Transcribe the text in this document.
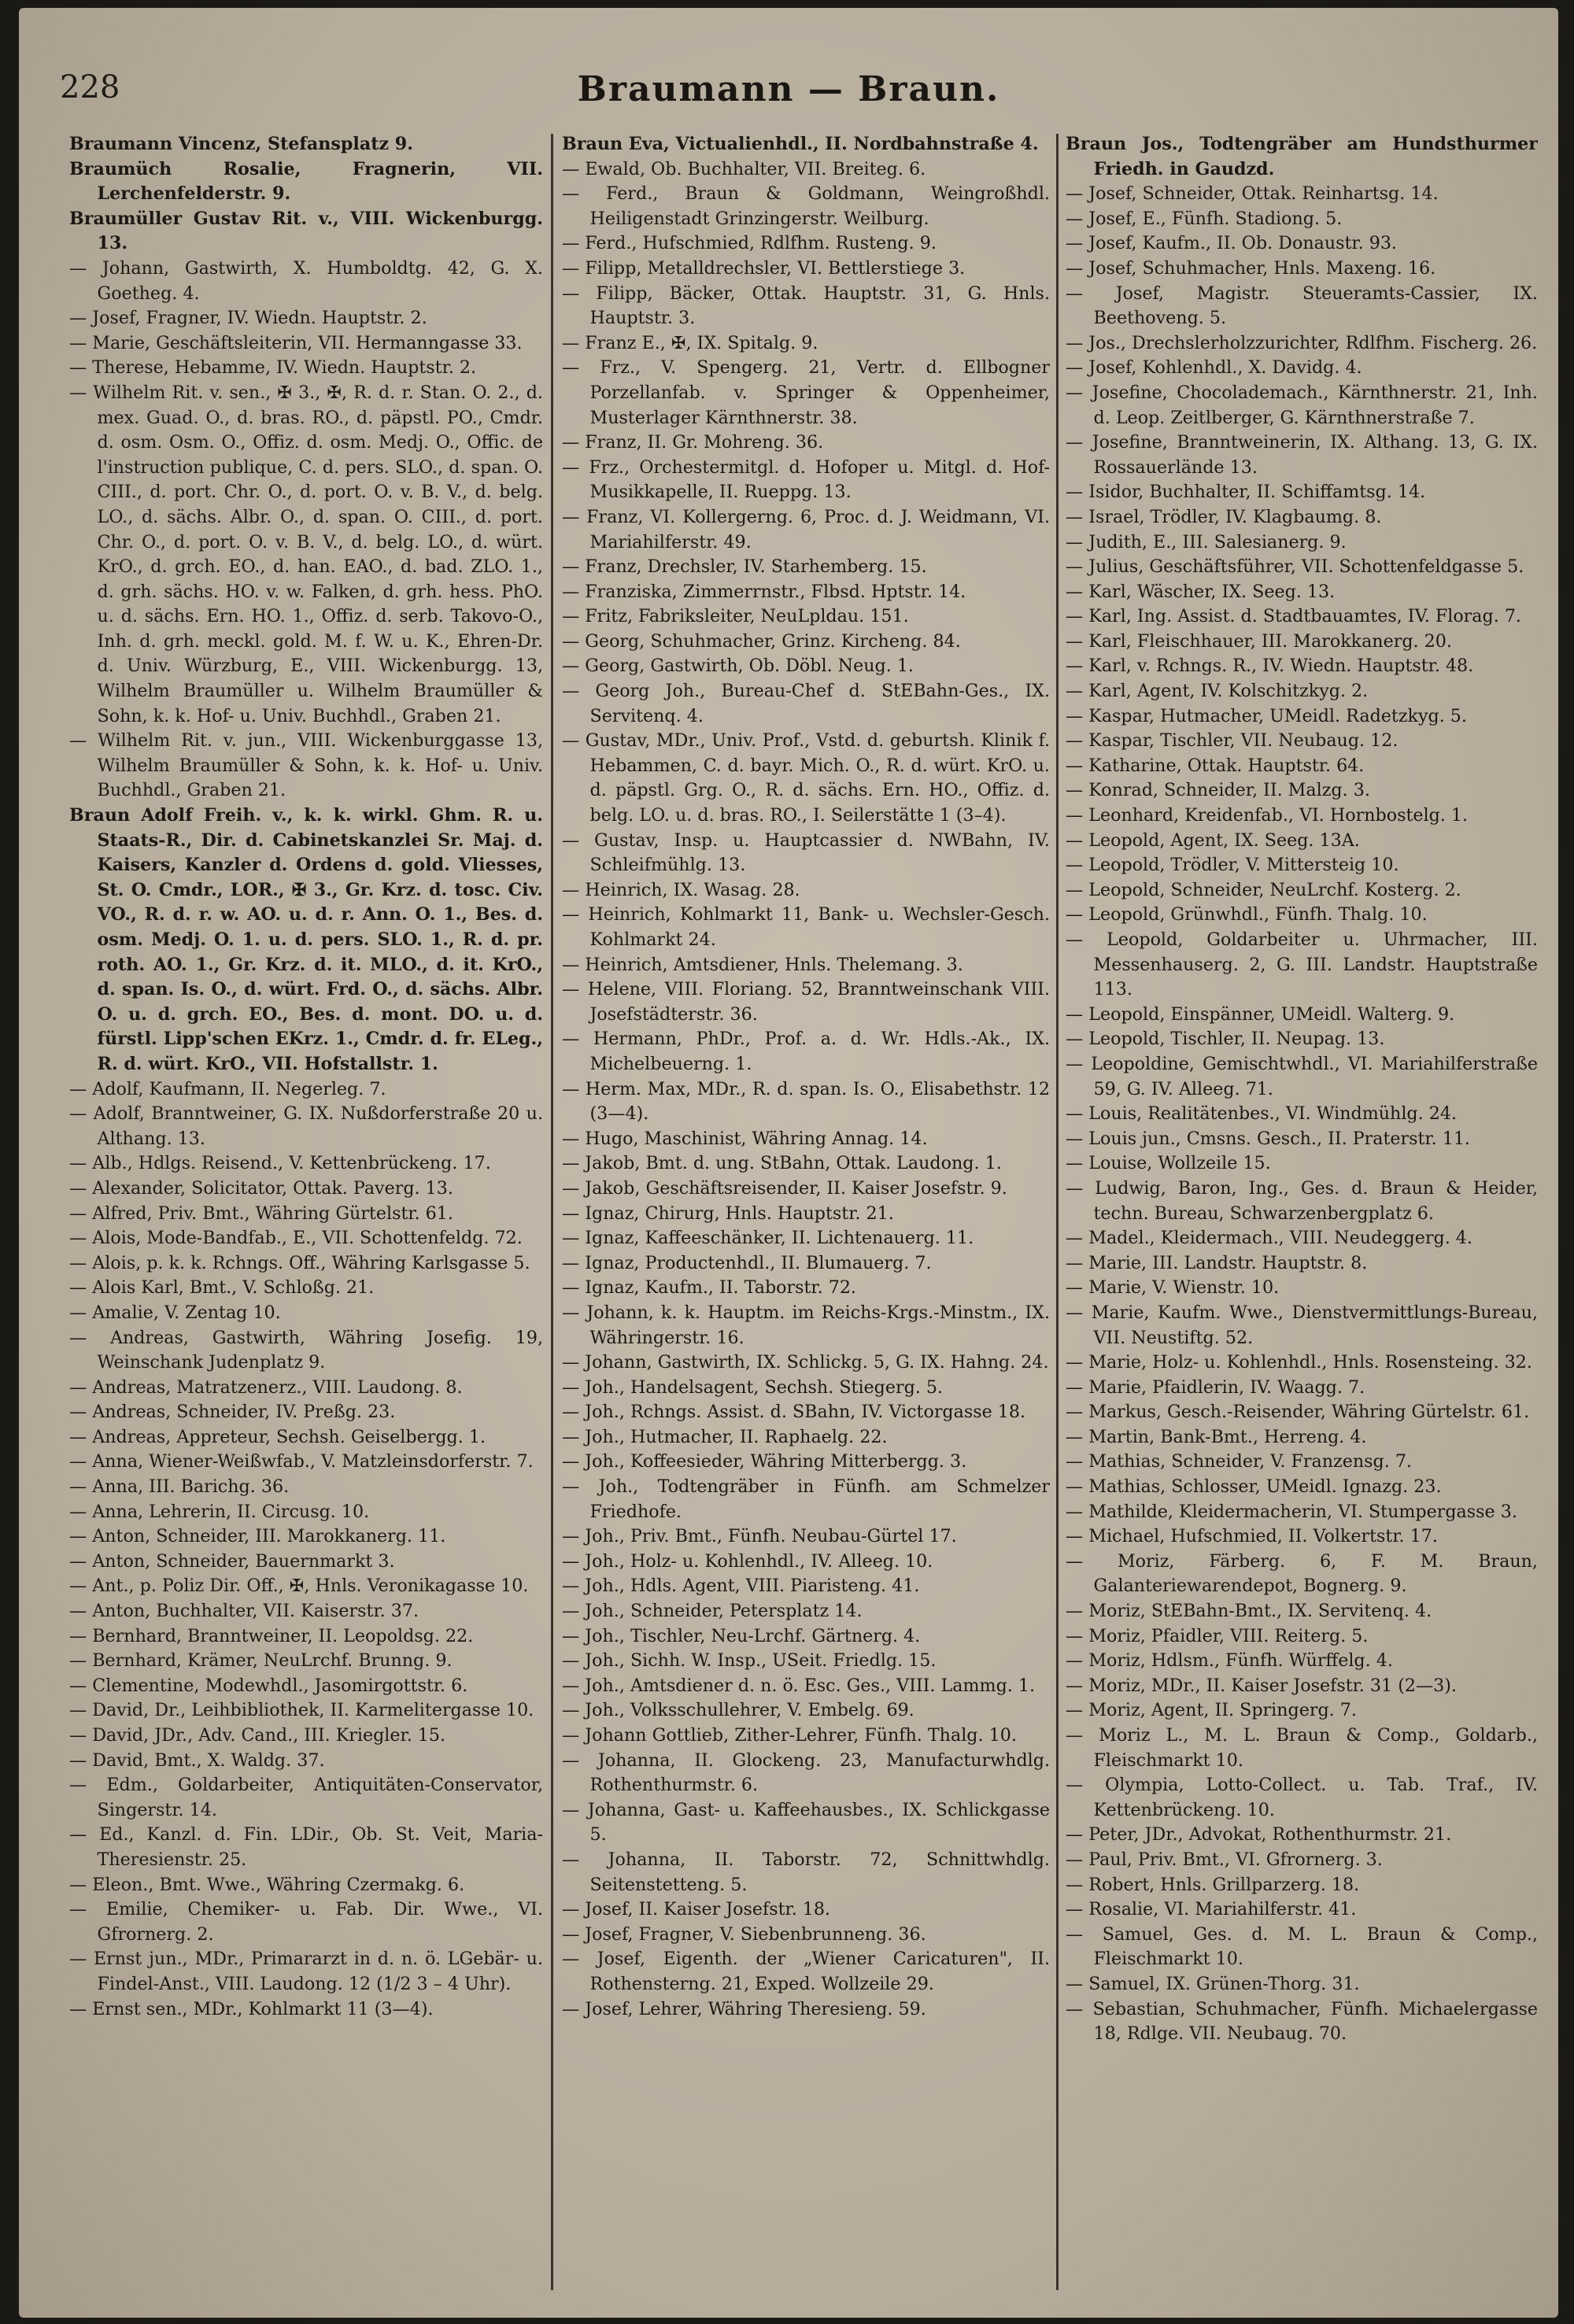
228	Braumann — Braun.

Braumann Vincenz, Stefansplatz 9.

Braumüch Rosalie, Fragnerin, VII. Lerchenfelderstr. 9.

Braumüller Gustav Rit. v., VIII. Wickenburgg. 13.

— Johann, Gastwirth, X. Humboldtg. 42, G. X. Goetheg. 4.

— Josef, Fragner, IV. Wiedn. Hauptstr. 2.

— Marie, Geschäftsleiterin, VII. Hermanngasse 33.

— Therese, Hebamme, IV. Wiedn. Hauptstr. 2.

— Wilhelm Rit. v. sen., ✠ 3., ✠, R. d. r. Stan. O. 2., d. mex. Guad. O., d. bras. RO., d. päpstl. PO., Cmdr. d. osm. Osm. O., Offiz. d. osm. Medj. O., Offic. de l'instruction publique, C. d. pers. SLO., d. span. O. CIII., d. port. Chr. O., d. port. O. v. B. V., d. belg. LO., d. sächs. Albr. O., d. span. O. CIII., d. port. Chr. O., d. port. O. v. B. V., d. belg. LO., d. würt. KrO., d. grch. EO., d. han. EAO., d. bad. ZLO. 1., d. grh. sächs. HO. v. w. Falken, d. grh. hess. PhO. u. d. sächs. Ern. HO. 1., Offiz. d. serb. Takovo-O., Inh. d. grh. meckl. gold. M. f. W. u. K., Ehren-Dr. d. Univ. Würzburg, E., VIII. Wickenburgg. 13, Wilhelm Braumüller u. Wilhelm Braumüller & Sohn, k. k. Hof- u. Univ. Buchhdl., Graben 21.

— Wilhelm Rit. v. jun., VIII. Wickenburggasse 13, Wilhelm Braumüller & Sohn, k. k. Hof- u. Univ. Buchhdl., Graben 21.

Braun Adolf Freih. v., k. k. wirkl. Ghm. R. u. Staats-R., Dir. d. Cabinetskanzlei Sr. Maj. d. Kaisers, Kanzler d. Ordens d. gold. Vliesses, St. O. Cmdr., LOR., ✠ 3., Gr. Krz. d. tosc. Civ. VO., R. d. r. w. AO. u. d. r. Ann. O. 1., Bes. d. osm. Medj. O. 1. u. d. pers. SLO. 1., R. d. pr. roth. AO. 1., Gr. Krz. d. it. MLO., d. it. KrO., d. span. Is. O., d. würt. Frd. O., d. sächs. Albr. O. u. d. grch. EO., Bes. d. mont. DO. u. d. fürstl. Lipp'schen EKrz. 1., Cmdr. d. fr. ELeg., R. d. würt. KrO., VII. Hofstallstr. 1.

— Adolf, Kaufmann, II. Negerleg. 7.

— Adolf, Branntweiner, G. IX. Nußdorferstraße 20 u. Althang. 13.

— Alb., Hdlgs. Reisend., V. Kettenbrückeng. 17.

— Alexander, Solicitator, Ottak. Paverg. 13.

— Alfred, Priv. Bmt., Währing Gürtelstr. 61.

— Alois, Mode-Bandfab., E., VII. Schottenfeldg. 72.

— Alois, p. k. k. Rchngs. Off., Währing Karlsgasse 5.

— Alois Karl, Bmt., V. Schloßg. 21.

— Amalie, V. Zentag 10.

— Andreas, Gastwirth, Währing Josefig. 19, Weinschank Judenplatz 9.

— Andreas, Matratzenerz., VIII. Laudong. 8.

— Andreas, Schneider, IV. Preßg. 23.

— Andreas, Appreteur, Sechsh. Geiselbergg. 1.

— Anna, Wiener-Weißwfab., V. Matzleinsdorferstr. 7.

— Anna, III. Barichg. 36.

— Anna, Lehrerin, II. Circusg. 10.

— Anton, Schneider, III. Marokkanerg. 11.

— Anton, Schneider, Bauernmarkt 3.

— Ant., p. Poliz Dir. Off., ✠, Hnls. Veronikagasse 10.

— Anton, Buchhalter, VII. Kaiserstr. 37.

— Bernhard, Branntweiner, II. Leopoldsg. 22.

— Bernhard, Krämer, NeuLrchf. Brunng. 9.

— Clementine, Modewhdl., Jasomirgottstr. 6.

— David, Dr., Leihbibliothek, II. Karmelitergasse 10.

— David, JDr., Adv. Cand., III. Kriegler. 15.

— David, Bmt., X. Waldg. 37.

— Edm., Goldarbeiter, Antiquitäten-Conservator, Singerstr. 14.

— Ed., Kanzl. d. Fin. LDir., Ob. St. Veit, Maria-Theresienstr. 25.

— Eleon., Bmt. Wwe., Währing Czermakg. 6.

— Emilie, Chemiker- u. Fab. Dir. Wwe., VI. Gfrornerg. 2.

— Ernst jun., MDr., Primararzt in d. n. ö. LGebär- u. Findel-Anst., VIII. Laudong. 12 (1/2 3 – 4 Uhr).

— Ernst sen., MDr., Kohlmarkt 11 (3—4).

Braun Eva, Victualienhdl., II. Nordbahnstraße 4.

— Ewald, Ob. Buchhalter, VII. Breiteg. 6.

— Ferd., Braun & Goldmann, Weingroßhdl. Heiligenstadt Grinzingerstr. Weilburg.

— Ferd., Hufschmied, Rdlfhm. Rusteng. 9.

— Filipp, Metalldrechsler, VI. Bettlerstiege 3.

— Filipp, Bäcker, Ottak. Hauptstr. 31, G. Hnls. Hauptstr. 3.

— Franz E., ✠, IX. Spitalg. 9.

— Frz., V. Spengerg. 21, Vertr. d. Ellbogner Porzellanfab. v. Springer & Oppenheimer, Musterlager Kärnthnerstr. 38.

— Franz, II. Gr. Mohreng. 36.

— Frz., Orchestermitgl. d. Hofoper u. Mitgl. d. Hof-Musikkapelle, II. Rueppg. 13.

— Franz, VI. Kollergerng. 6, Proc. d. J. Weidmann, VI. Mariahilferstr. 49.

— Franz, Drechsler, IV. Starhemberg. 15.

— Franziska, Zimmerrnstr., Flbsd. Hptstr. 14.

— Fritz, Fabriksleiter, NeuLpldau. 151.

— Georg, Schuhmacher, Grinz. Kircheng. 84.

— Georg, Gastwirth, Ob. Döbl. Neug. 1.

— Georg Joh., Bureau-Chef d. StEBahn-Ges., IX. Servitenq. 4.

— Gustav, MDr., Univ. Prof., Vstd. d. geburtsh. Klinik f. Hebammen, C. d. bayr. Mich. O., R. d. würt. KrO. u. d. päpstl. Grg. O., R. d. sächs. Ern. HO., Offiz. d. belg. LO. u. d. bras. RO., I. Seilerstätte 1 (3–4).

— Gustav, Insp. u. Hauptcassier d. NWBahn, IV. Schleifmühlg. 13.

— Heinrich, IX. Wasag. 28.

— Heinrich, Kohlmarkt 11, Bank- u. Wechsler-Gesch. Kohlmarkt 24.

— Heinrich, Amtsdiener, Hnls. Thelemang. 3.

— Helene, VIII. Floriang. 52, Branntweinschank VIII. Josefstädterstr. 36.

— Hermann, PhDr., Prof. a. d. Wr. Hdls.-Ak., IX. Michelbeuerng. 1.

— Herm. Max, MDr., R. d. span. Is. O., Elisabethstr. 12 (3—4).

— Hugo, Maschinist, Währing Annag. 14.

— Jakob, Bmt. d. ung. StBahn, Ottak. Laudong. 1.

— Jakob, Geschäftsreisender, II. Kaiser Josefstr. 9.

— Ignaz, Chirurg, Hnls. Hauptstr. 21.

— Ignaz, Kaffeeschänker, II. Lichtenauerg. 11.

— Ignaz, Productenhdl., II. Blumauerg. 7.

— Ignaz, Kaufm., II. Taborstr. 72.

— Johann, k. k. Hauptm. im Reichs-Krgs.-Minstm., IX. Währingerstr. 16.

— Johann, Gastwirth, IX. Schlickg. 5, G. IX. Hahng. 24.

— Joh., Handelsagent, Sechsh. Stiegerg. 5.

— Joh., Rchngs. Assist. d. SBahn, IV. Victorgasse 18.

— Joh., Hutmacher, II. Raphaelg. 22.

— Joh., Koffeesieder, Währing Mitterbergg. 3.

— Joh., Todtengräber in Fünfh. am Schmelzer Friedhofe.

— Joh., Priv. Bmt., Fünfh. Neubau-Gürtel 17.

— Joh., Holz- u. Kohlenhdl., IV. Alleeg. 10.

— Joh., Hdls. Agent, VIII. Piaristeng. 41.

— Joh., Schneider, Petersplatz 14.

— Joh., Tischler, Neu-Lrchf. Gärtnerg. 4.

— Joh., Sichh. W. Insp., USeit. Friedlg. 15.

— Joh., Amtsdiener d. n. ö. Esc. Ges., VIII. Lammg. 1.

— Joh., Volksschullehrer, V. Embelg. 69.

— Johann Gottlieb, Zither-Lehrer, Fünfh. Thalg. 10.

— Johanna, II. Glockeng. 23, Manufacturwhdlg. Rothenthurmstr. 6.

— Johanna, Gast- u. Kaffeehausbes., IX. Schlickgasse 5.

— Johanna, II. Taborstr. 72, Schnittwhdlg. Seitenstetteng. 5.

— Josef, II. Kaiser Josefstr. 18.

— Josef, Fragner, V. Siebenbrunneng. 36.

— Josef, Eigenth. der „Wiener Caricaturen", II. Rothensterng. 21, Exped. Wollzeile 29.

— Josef, Lehrer, Währing Theresieng. 59.

Braun Jos., Todtengräber am Hundsthurmer Friedh. in Gaudzd.

— Josef, Schneider, Ottak. Reinhartsg. 14.

— Josef, E., Fünfh. Stadiong. 5.

— Josef, Kaufm., II. Ob. Donaustr. 93.

— Josef, Schuhmacher, Hnls. Maxeng. 16.

— Josef, Magistr. Steueramts-Cassier, IX. Beethoveng. 5.

— Jos., Drechslerholzzurichter, Rdlfhm. Fischerg. 26.

— Josef, Kohlenhdl., X. Davidg. 4.

— Josefine, Chocolademach., Kärnthnerstr. 21, Inh. d. Leop. Zeitlberger, G. Kärnthnerstraße 7.

— Josefine, Branntweinerin, IX. Althang. 13, G. IX. Rossauerlände 13.

— Isidor, Buchhalter, II. Schiffamtsg. 14.

— Israel, Trödler, IV. Klagbaumg. 8.

— Judith, E., III. Salesianerg. 9.

— Julius, Geschäftsführer, VII. Schottenfeldgasse 5.

— Karl, Wäscher, IX. Seeg. 13.

— Karl, Ing. Assist. d. Stadtbauamtes, IV. Florag. 7.

— Karl, Fleischhauer, III. Marokkanerg. 20.

— Karl, v. Rchngs. R., IV. Wiedn. Hauptstr. 48.

— Karl, Agent, IV. Kolschitzkyg. 2.

— Kaspar, Hutmacher, UMeidl. Radetzkyg. 5.

— Kaspar, Tischler, VII. Neubaug. 12.

— Katharine, Ottak. Hauptstr. 64.

— Konrad, Schneider, II. Malzg. 3.

— Leonhard, Kreidenfab., VI. Hornbostelg. 1.

— Leopold, Agent, IX. Seeg. 13A.

— Leopold, Trödler, V. Mittersteig 10.

— Leopold, Schneider, NeuLrchf. Kosterg. 2.

— Leopold, Grünwhdl., Fünfh. Thalg. 10.

— Leopold, Goldarbeiter u. Uhrmacher, III. Messenhauserg. 2, G. III. Landstr. Hauptstraße 113.

— Leopold, Einspänner, UMeidl. Walterg. 9.

— Leopold, Tischler, II. Neupag. 13.

— Leopoldine, Gemischtwhdl., VI. Mariahilferstraße 59, G. IV. Alleeg. 71.

— Louis, Realitätenbes., VI. Windmühlg. 24.

— Louis jun., Cmsns. Gesch., II. Praterstr. 11.

— Louise, Wollzeile 15.

— Ludwig, Baron, Ing., Ges. d. Braun & Heider, techn. Bureau, Schwarzenbergplatz 6.

— Madel., Kleidermach., VIII. Neudeggerg. 4.

— Marie, III. Landstr. Hauptstr. 8.

— Marie, V. Wienstr. 10.

— Marie, Kaufm. Wwe., Dienstvermittlungs-Bureau, VII. Neustiftg. 52.

— Marie, Holz- u. Kohlenhdl., Hnls. Rosensteing. 32.

— Marie, Pfaidlerin, IV. Waagg. 7.

— Markus, Gesch.-Reisender, Währing Gürtelstr. 61.

— Martin, Bank-Bmt., Herreng. 4.

— Mathias, Schneider, V. Franzensg. 7.

— Mathias, Schlosser, UMeidl. Ignazg. 23.

— Mathilde, Kleidermacherin, VI. Stumpergasse 3.

— Michael, Hufschmied, II. Volkertstr. 17.

— Moriz, Färberg. 6, F. M. Braun, Galanteriewarendepot, Bognerg. 9.

— Moriz, StEBahn-Bmt., IX. Servitenq. 4.

— Moriz, Pfaidler, VIII. Reiterg. 5.

— Moriz, Hdlsm., Fünfh. Würffelg. 4.

— Moriz, MDr., II. Kaiser Josefstr. 31 (2—3).

— Moriz, Agent, II. Springerg. 7.

— Moriz L., M. L. Braun & Comp., Goldarb., Fleischmarkt 10.

— Olympia, Lotto-Collect. u. Tab. Traf., IV. Kettenbrückeng. 10.

— Peter, JDr., Advokat, Rothenthurmstr. 21.

— Paul, Priv. Bmt., VI. Gfrornerg. 3.

— Robert, Hnls. Grillparzerg. 18.

— Rosalie, VI. Mariahilferstr. 41.

— Samuel, Ges. d. M. L. Braun & Comp., Fleischmarkt 10.

— Samuel, IX. Grünen-Thorg. 31.

— Sebastian, Schuhmacher, Fünfh. Michaelergasse 18, Rdlge. VII. Neubaug. 70.
